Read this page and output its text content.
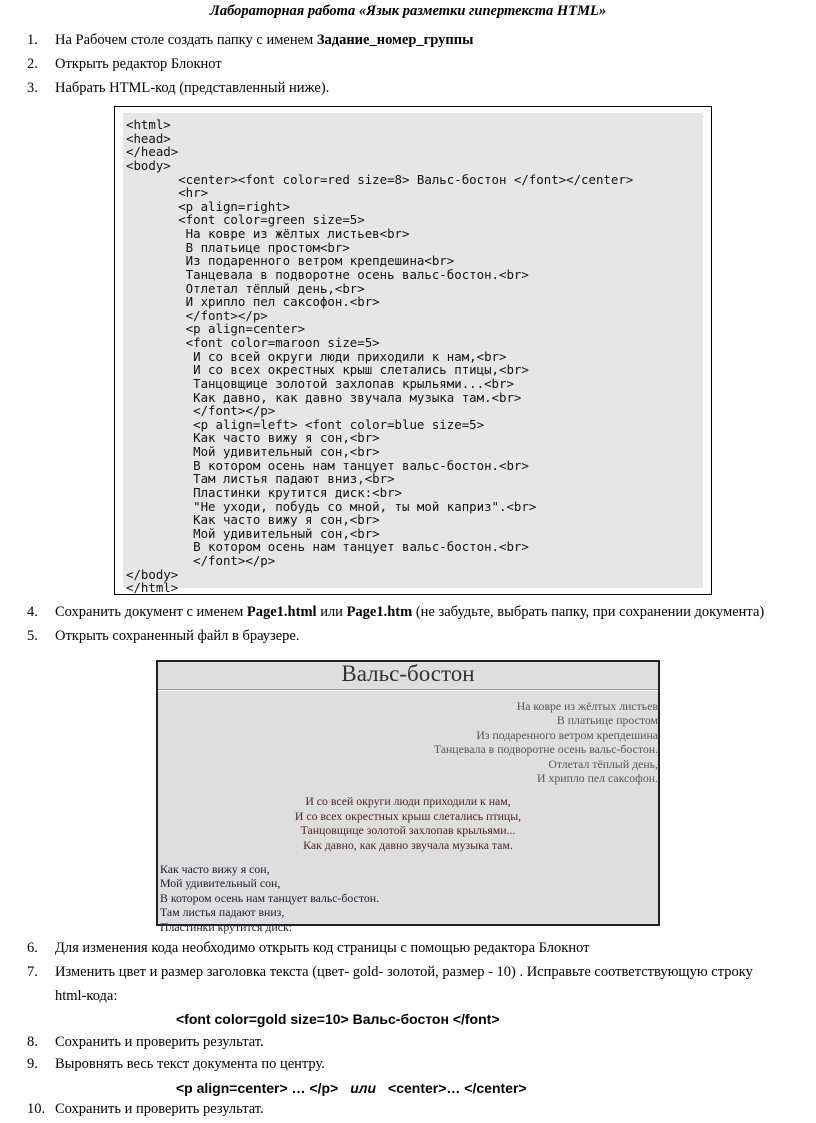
Лабораторная работа «Язык разметки гипертекста HTML»
1. На Рабочем столе создать папку с именем Задание_номер_группы
2. Открыть редактор Блокнот
3. Набрать HTML-код (представленный ниже).
<html>
<head>
</head>
<body>
<center><font color=red size=8> Вальс-бостон </font></center>
<hr>
<p align=right>
<font color=green size=5>
На ковре из жёлтых листьев<br>
В платьице простом<br>
Из подаренного ветром крепдешина<br>
Танцевала в подворотне осень вальс-бостон.<br>
Отлетал тёплый день,<br>
И хрипло пел саксофон.<br>
</font></p>
<p align=center>
<font color=maroon size=5>
И со всей округи люди приходили к нам,<br>
И со всех окрестных крыш слетались птицы,<br>
Танцовщице золотой захлопав крыльями...<br>
Как давно, как давно звучала музыка там.<br>
</font></p>
<p align=left> <font color=blue size=5>
Как часто вижу я сон,<br>
Мой удивительный сон,<br>
В котором осень нам танцует вальс-бостон.<br>
Там листья падают вниз,<br>
Пластинки крутится диск:<br>
"Не уходи, побудь со мной, ты мой каприз".<br>
Как часто вижу я сон,<br>
Мой удивительный сон,<br>
В котором осень нам танцует вальс-бостон.<br>
</font></p>
</body>
</html>
4. Сохранить документ с именем Page1.html или Page1.htm (не забудьте, выбрать папку, при сохранении документа)
5. Открыть сохраненный файл в браузере.
Вальс-бостон
На ковре из жёлтых листьев
В платьице простом
Из подаренного ветром крепдешина
Танцевала в подворотне осень вальс-бостон.
Отлетал тёплый день,
И хрипло пел саксофон.
И со всей округи люди приходили к нам,
И со всех окрестных крыш слетались птицы,
Танцовщице золотой захлопав крыльями...
Как давно, как давно звучала музыка там.
Как часто вижу я сон,
Мой удивительный сон,
В котором осень нам танцует вальс-бостон.
Там листья падают вниз,
Пластинки крутится диск:
6. Для изменения кода необходимо открыть код страницы с помощью редактора Блокнот
7. Изменить цвет и размер заголовка текста (цвет- gold- золотой, размер - 10) . Исправьте соответствующую строку
html-кода:
<font color=gold size=10> Вальс-бостон </font>
8. Сохранить и проверить результат.
9. Выровнять весь текст документа по центру.
<p align=center> … </p> или <center>… </center>
10. Сохранить и проверить результат.
